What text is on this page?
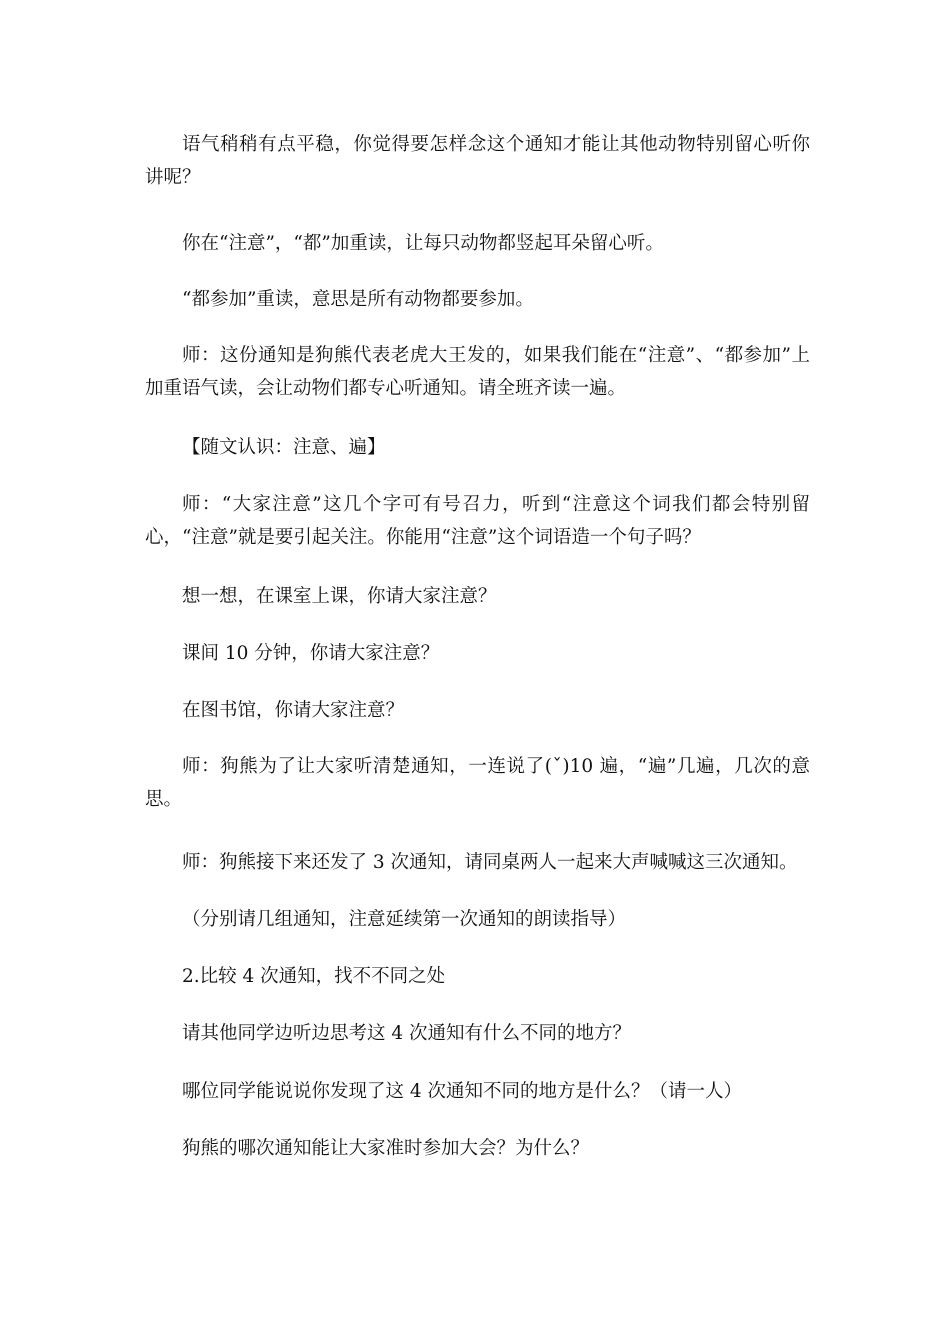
语气稍稍有点平稳，你觉得要怎样念这个通知才能让其他动物特别留心听你讲呢？

你在“注意”，“都”加重读，让每只动物都竖起耳朵留心听。

“都参加”重读，意思是所有动物都要参加。

师：这份通知是狗熊代表老虎大王发的，如果我们能在“注意”、“都参加”上加重语气读，会让动物们都专心听通知。请全班齐读一遍。

【随文认识：注意、遍】

师：“大家注意”这几个字可有号召力，听到“注意这个词我们都会特别留心，“注意”就是要引起关注。你能用“注意”这个词语造一个句子吗？

想一想，在课室上课，你请大家注意？

课间 10 分钟，你请大家注意？

在图书馆，你请大家注意？

师：狗熊为了让大家听清楚通知，一连说了(ˇ)10 遍，“遍”几遍，几次的意思。

师：狗熊接下来还发了 3 次通知，请同桌两人一起来大声喊喊这三次通知。

（分别请几组通知，注意延续第一次通知的朗读指导）

2.比较 4 次通知，找不不同之处

请其他同学边听边思考这 4 次通知有什么不同的地方？

哪位同学能说说你发现了这 4 次通知不同的地方是什么？（请一人）

狗熊的哪次通知能让大家准时参加大会？为什么？
